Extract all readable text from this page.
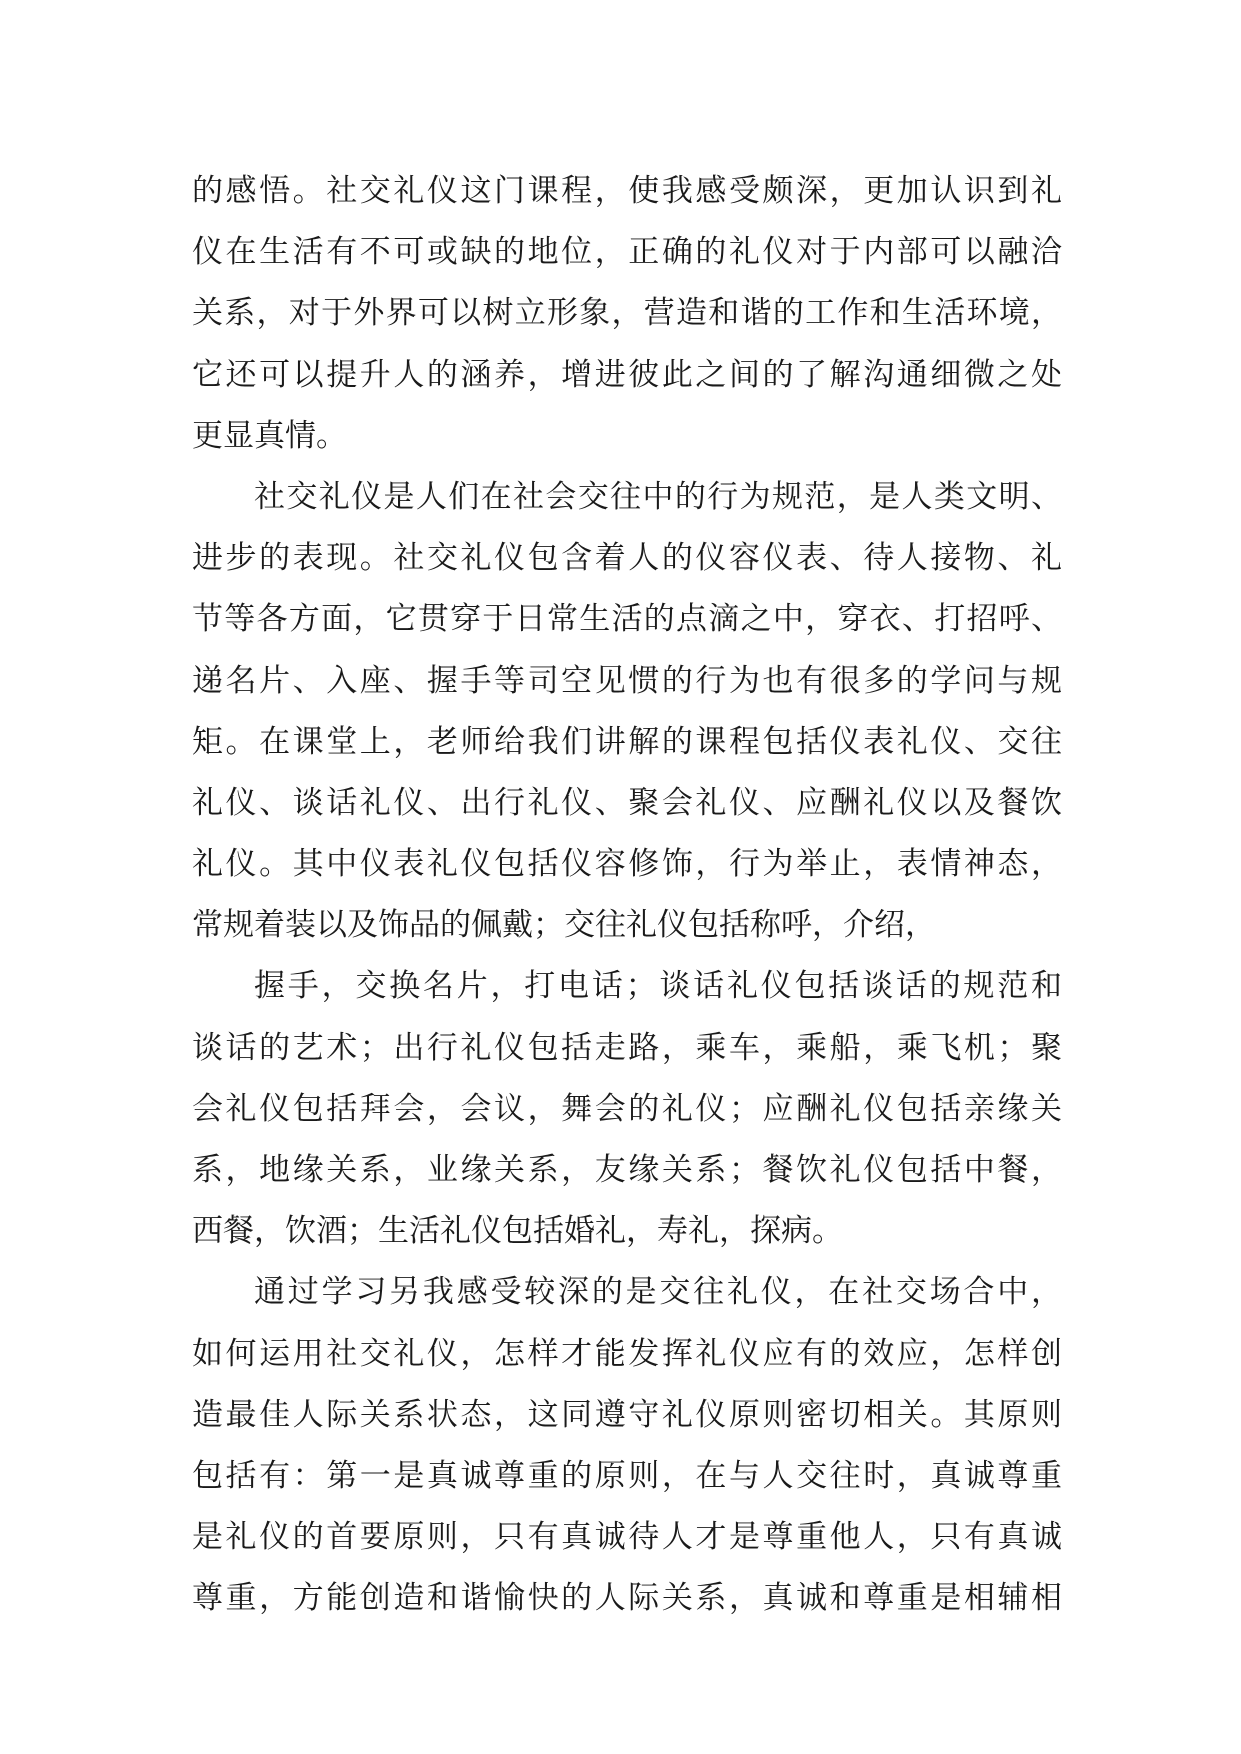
的感悟。社交礼仪这门课程，使我感受颇深，更加认识到礼
仪在生活有不可或缺的地位，正确的礼仪对于内部可以融洽
关系，对于外界可以树立形象，营造和谐的工作和生活环境，
它还可以提升人的涵养，增进彼此之间的了解沟通细微之处
更显真情。
社交礼仪是人们在社会交往中的行为规范，是人类文明、
进步的表现。社交礼仪包含着人的仪容仪表、待人接物、礼
节等各方面，它贯穿于日常生活的点滴之中，穿衣、打招呼、
递名片、入座、握手等司空见惯的行为也有很多的学问与规
矩。在课堂上，老师给我们讲解的课程包括仪表礼仪、交往
礼仪、谈话礼仪、出行礼仪、聚会礼仪、应酬礼仪以及餐饮
礼仪。其中仪表礼仪包括仪容修饰，行为举止，表情神态，
常规着装以及饰品的佩戴；交往礼仪包括称呼，介绍，
握手，交换名片，打电话；谈话礼仪包括谈话的规范和
谈话的艺术；出行礼仪包括走路，乘车，乘船，乘飞机；聚
会礼仪包括拜会，会议，舞会的礼仪；应酬礼仪包括亲缘关
系，地缘关系，业缘关系，友缘关系；餐饮礼仪包括中餐，
西餐，饮酒；生活礼仪包括婚礼，寿礼，探病。
通过学习另我感受较深的是交往礼仪，在社交场合中，
如何运用社交礼仪，怎样才能发挥礼仪应有的效应，怎样创
造最佳人际关系状态，这同遵守礼仪原则密切相关。其原则
包括有：第一是真诚尊重的原则，在与人交往时，真诚尊重
是礼仪的首要原则，只有真诚待人才是尊重他人，只有真诚
尊重，方能创造和谐愉快的人际关系，真诚和尊重是相辅相
